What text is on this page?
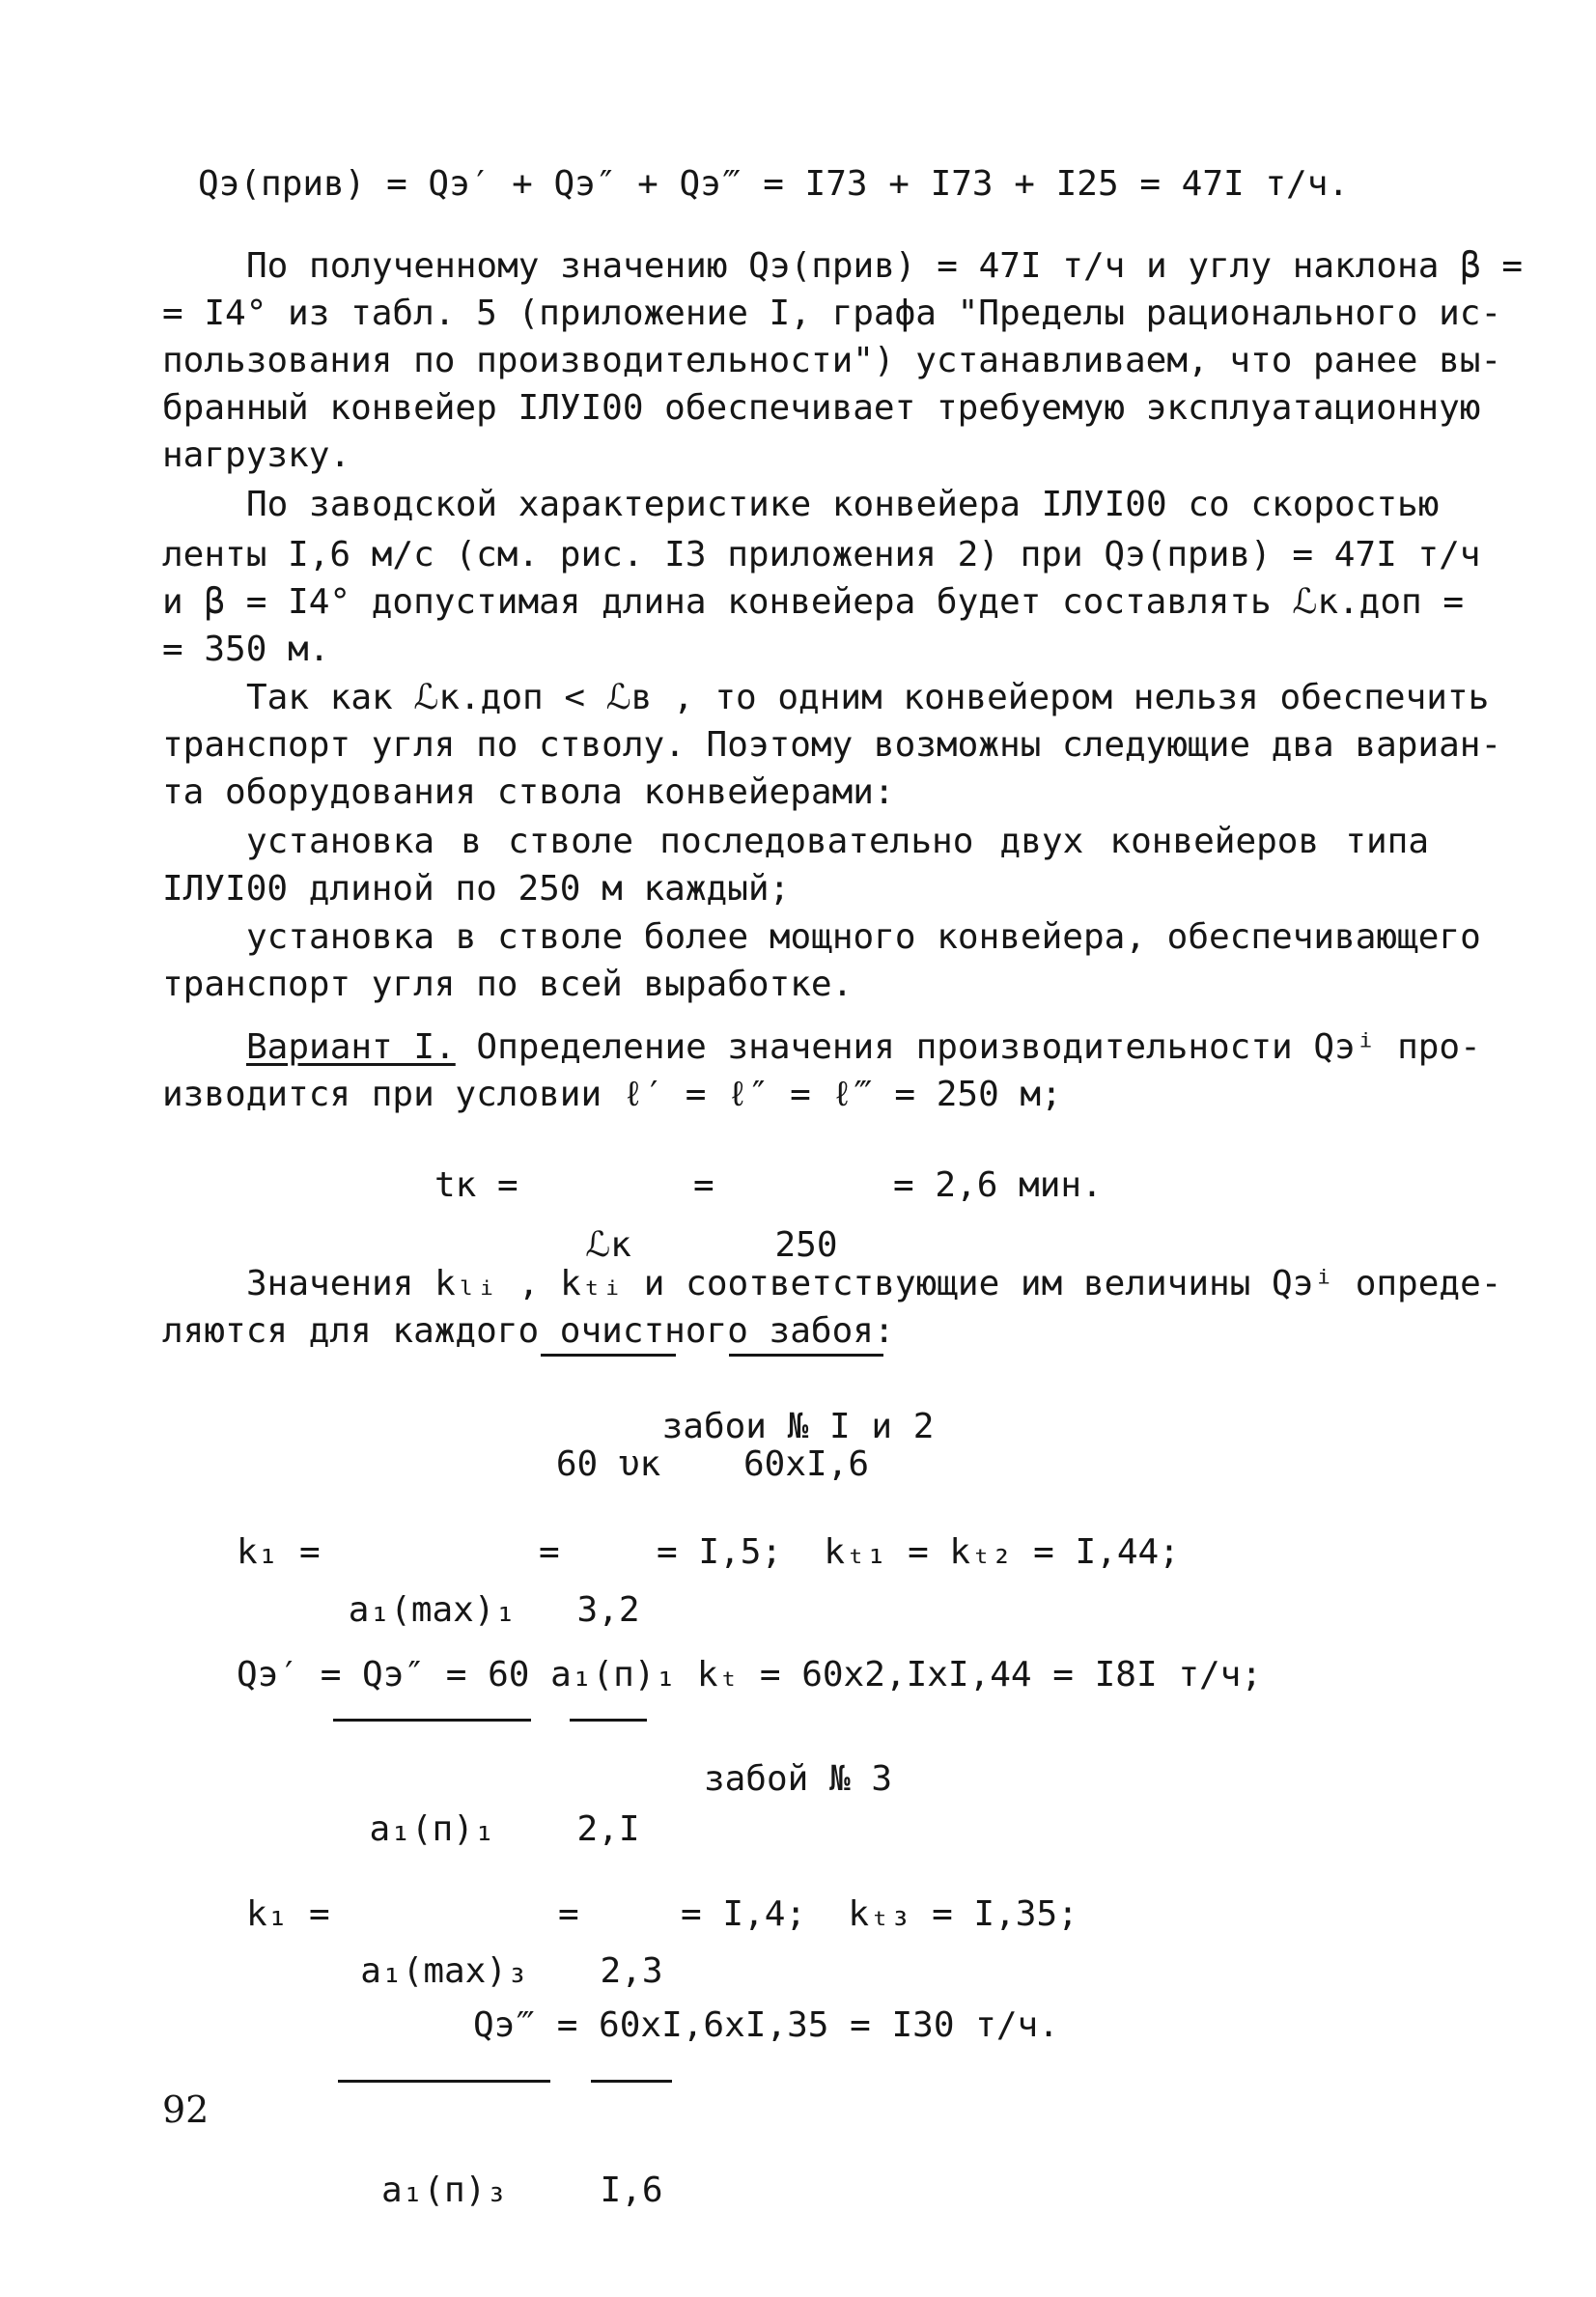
Qэ(прив) = Qэ′ + Qэ″ + Qэ‴ = I73 + I73 + I25 = 47I т/ч.
По полученному значению Qэ(прив) = 47I т/ч и углу наклона β =
= I4° из табл. 5 (приложение I, графа "Пределы рационального ис-
пользования по производительности") устанавливаем, что ранее вы-
бранный конвейер IЛУI00 обеспечивает требуемую эксплуатационную
нагрузку.
По заводской характеристике конвейера IЛУI00 со скоростью
ленты I,6 м/с (см. рис. I3 приложения 2) при Qэ(прив) = 47I т/ч
и β = I4° допустимая длина конвейера будет составлять ℒк.доп =
= 350 м.
Так как ℒк.доп < ℒв , то одним конвейером нельзя обеспечить
транспорт угля по стволу. Поэтому возможны следующие два вариан-
та оборудования ствола конвейерами:
установка в стволе последовательно двух конвейеров типа
IЛУI00 длиной по 250 м каждый;
установка в стволе более мощного конвейера, обеспечивающего
транспорт угля по всей выработке.
Вариант I. Определение значения производительности Qэⁱ про-
изводится при условии ℓ′ = ℓ″ = ℓ‴ = 250 м;
tк =

ℒк

60 υк

=

250

60xI,6

= 2,6 мин.
Значения kₗᵢ , kₜᵢ и соответствующие им величины Qэⁱ опреде-
ляются для каждого очистного забоя:
забои № I и 2
k₁ =

a₁(max)₁

a₁(п)₁

=

3,2

2,I

= I,5;  kₜ₁ = kₜ₂ = I,44;
Qэ′ = Qэ″ = 60 a₁(п)₁ kₜ = 60x2,IxI,44 = I8I т/ч;
забой № 3
k₁ =

a₁(max)₃

a₁(п)₃

=

2,3

I,6

= I,4;  kₜ₃ = I,35;
Qэ‴ = 60xI,6xI,35 = I30 т/ч.
92
